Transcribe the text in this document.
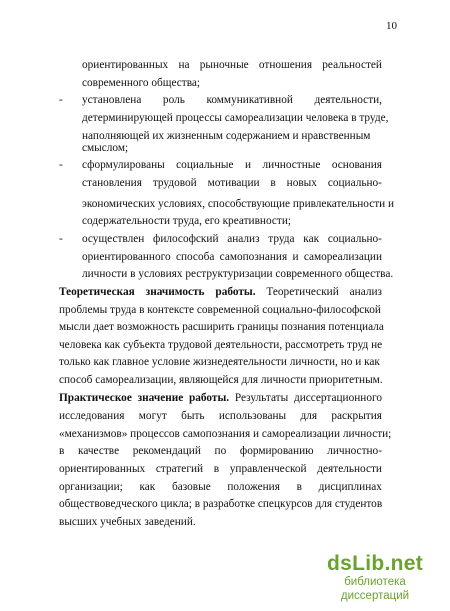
10
-
-
-
ориентированных на рыночные отношения реальностей
современного общества;
установлена роль коммуникативной деятельности,
детерминирующей процессы самореализации человека в труде,
наполняющей их жизненным содержанием и нравственным
смыслом;
сформулированы социальные и личностные основания
становления трудовой мотивации в новых социально-
экономических условиях, способствующие привлекательности и
содержательности труда, его креативности;
осуществлен философский анализ труда как социально-
ориентированного способа самопознания и самореализации
личности в условиях реструктуризации современного общества.
Теоретическая значимость работы. Теоретический анализ
проблемы труда в контексте современной социально-философской
мысли дает возможность расширить границы познания потенциала
человека как субъекта трудовой деятельности, рассмотреть труд не
только как главное условие жизнедеятельности личности, но и как
способ самореализации, являющейся для личности приоритетным.
Практическое значение работы. Результаты диссертационного
исследования могут быть использованы для раскрытия
«механизмов» процессов самопознания и самореализации личности;
в качестве рекомендаций по формированию личностно-
ориентированных стратегий в управленческой деятельности
организации; как базовые положения в дисциплинах
обществоведческого цикла; в разработке спецкурсов для студентов
высших учебных заведений.
dsLib.net
библиотека диссертаций
